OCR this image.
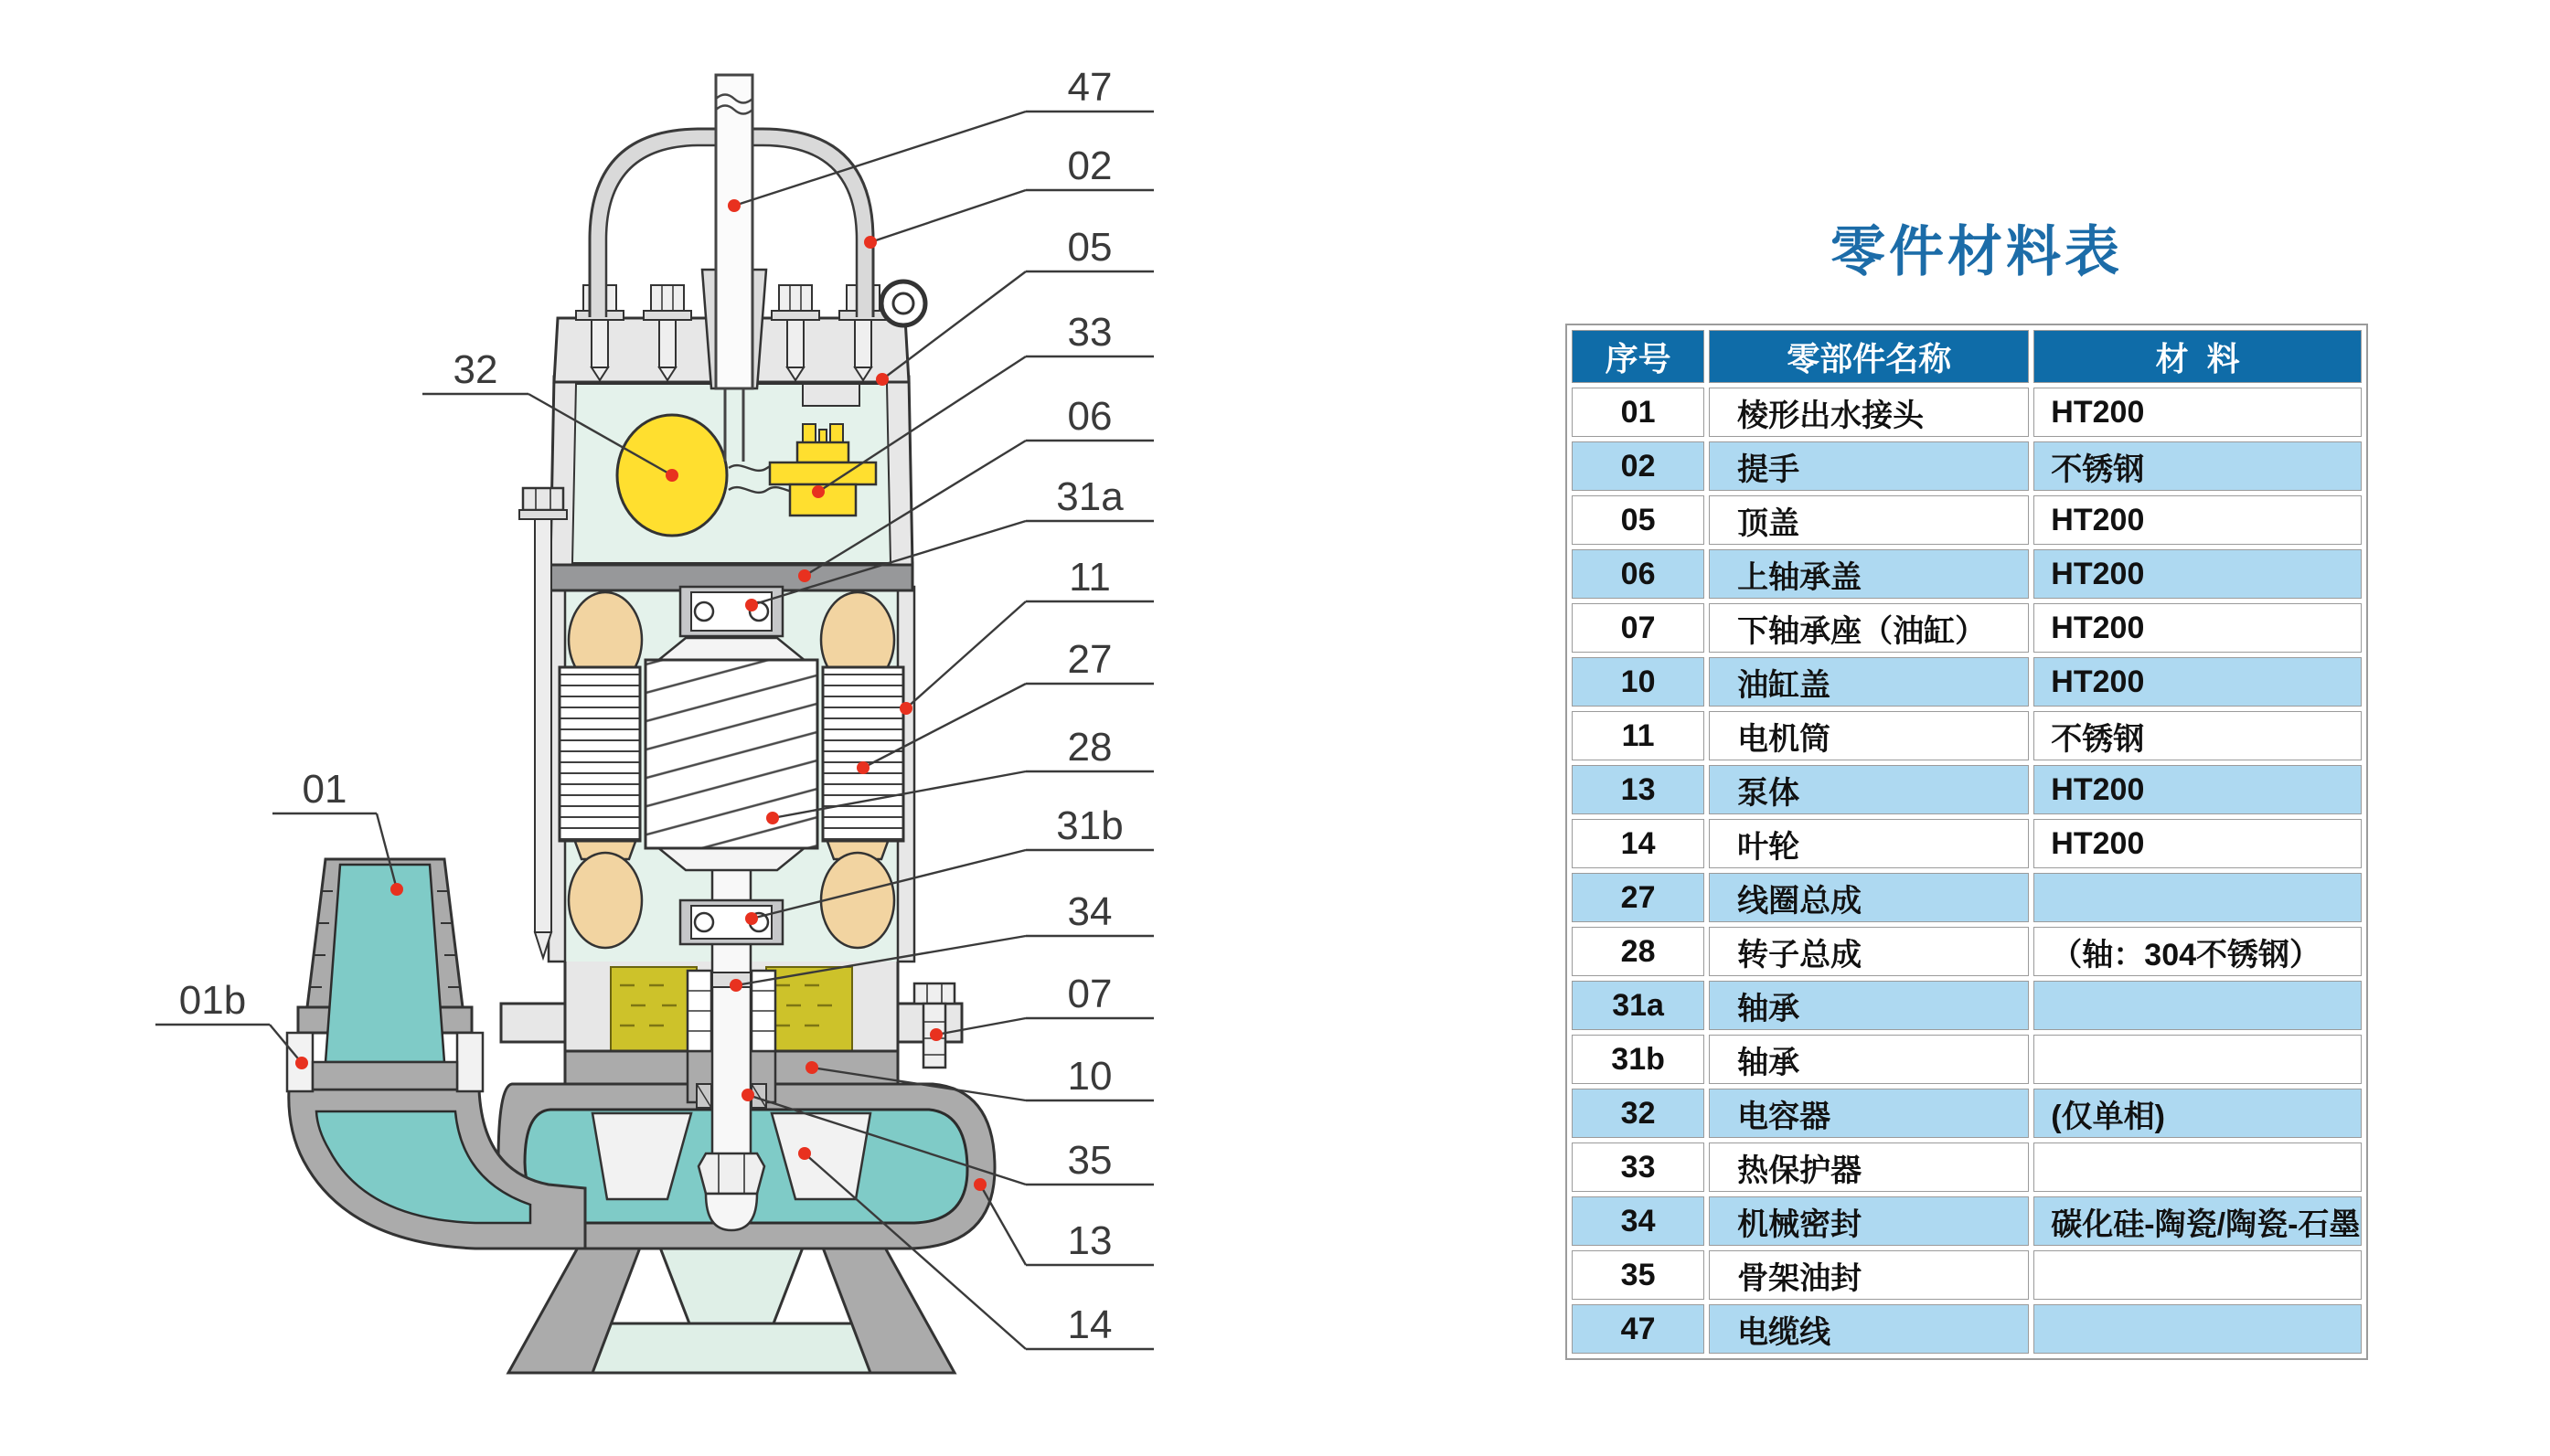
47
02
05
33
06
31a
11
27
28
31b
34
07
10
35
13
14
32
01
01b
零件材料表
序号	零部件名称	材  料
01	棱形出水接头	HT200
02	提手	不锈钢
05	顶盖	HT200
06	上轴承盖	HT200
07	下轴承座（油缸）	HT200
10	油缸盖	HT200
11	电机筒	不锈钢
13	泵体	HT200
14	叶轮	HT200
27	线圈总成	
28	转子总成	（轴：304不锈钢）
31a	轴承	
31b	轴承	
32	电容器	(仅单相)
33	热保护器	
34	机械密封	碳化硅-陶瓷/陶瓷-石墨
35	骨架油封	
47	电缆线	
